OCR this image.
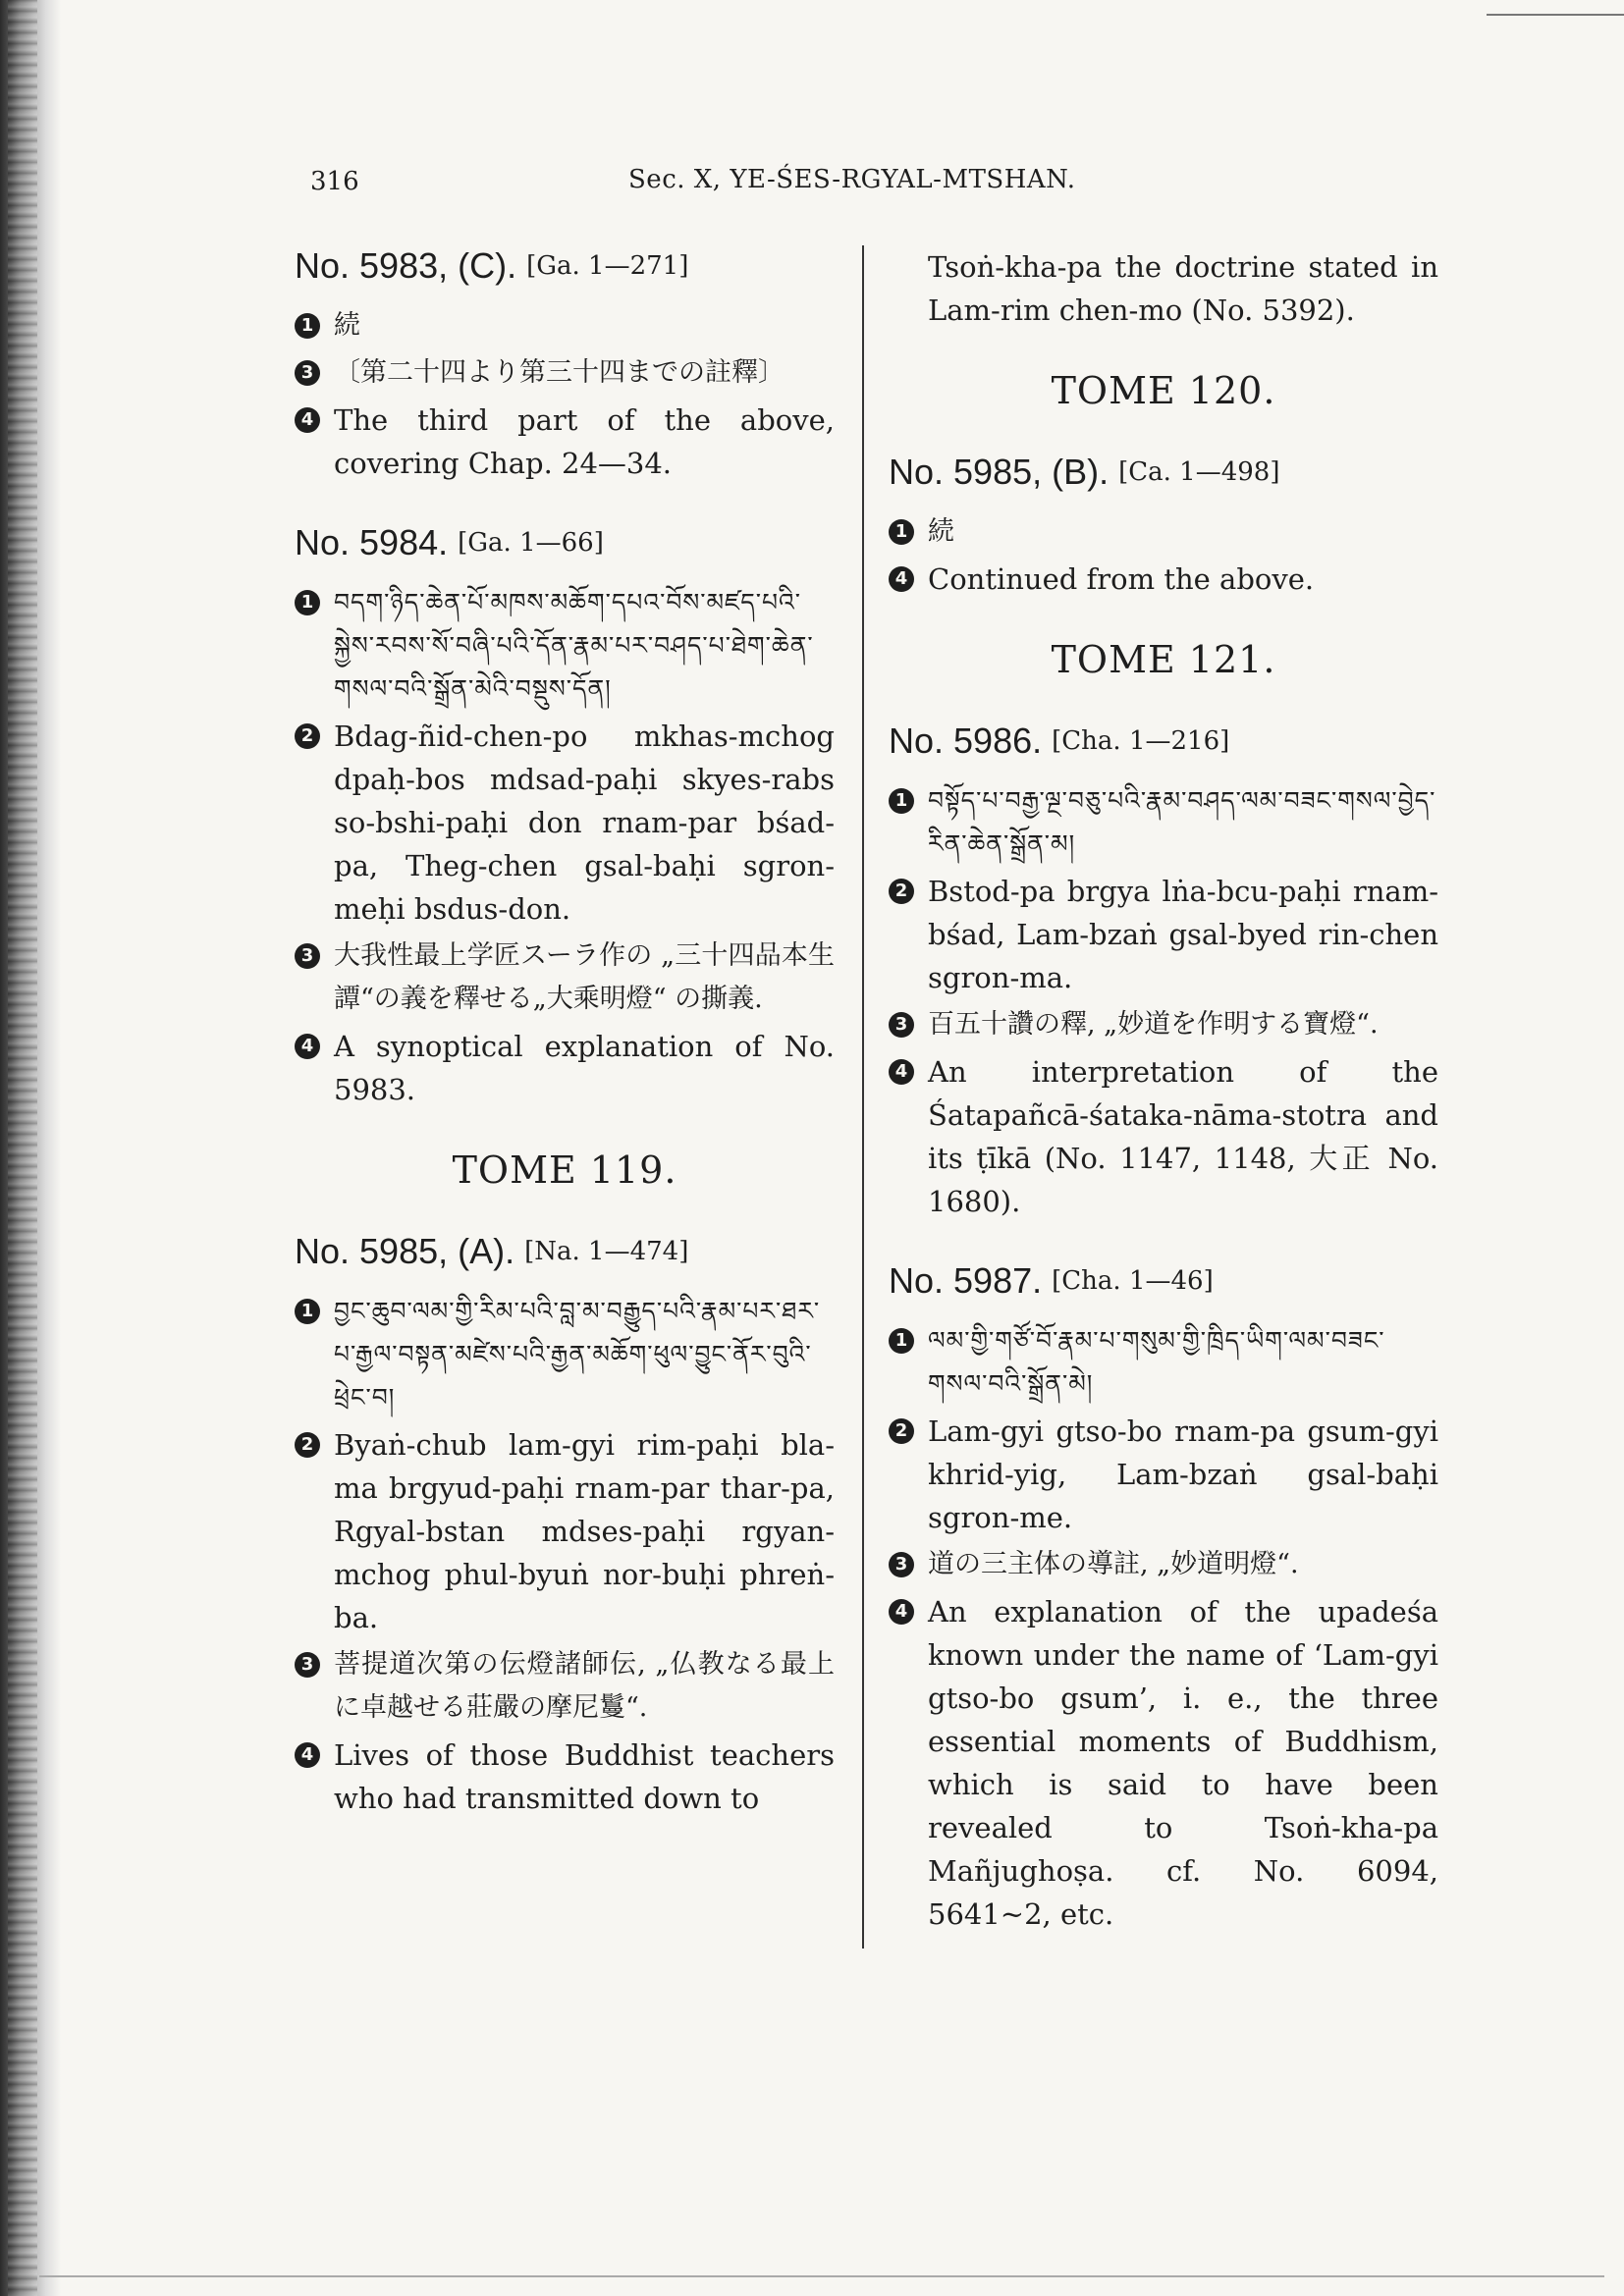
316	Sec. X, YE-ŚES-RGYAL-MTSHAN.
No. 5983, (C). [Ga. 1—271]
1 続
3 〔第二十四より第三十四までの註釋〕
4 The third part of the above, covering Chap. 24—34.
No. 5984. [Ga. 1—66]
1 བདག་ཉིད་ཆེན་པོ་མཁས་མཆོག་དཔའ་བོས་མཛད་པའི་སྐྱེས་རབས་སོ་བཞི་པའི་དོན་རྣམ་པར་བཤད་པ་ཐེག་ཆེན་གསལ་བའི་སྒྲོན་མེའི་བསྡུས་དོན།
2 Bdag-ñid-chen-po mkhas-mchog dpaḥ-bos mdsad-paḥi skyes-rabs so-bshi-paḥi don rnam-par bśad-pa, Theg-chen gsal-baḥi sgron-meḥi bsdus-don.
3 大我性最上学匠スーラ作の „三十四品本生譚“の義を釋せる„大乘明燈“ の撕義.
4 A synoptical explanation of No. 5983.
TOME 119.
No. 5985, (A). [Na. 1—474]
1 བྱང་ཆུབ་ལམ་གྱི་རིམ་པའི་བླ་མ་བརྒྱུད་པའི་རྣམ་པར་ཐར་པ་རྒྱལ་བསྟན་མཛེས་པའི་རྒྱན་མཆོག་ཕུལ་བྱུང་ནོར་བུའི་ཕྲེང་བ།
2 Byaṅ-chub lam-gyi rim-paḥi bla-ma brgyud-paḥi rnam-par thar-pa, Rgyal-bstan mdses-paḥi rgyan-mchog phul-byuṅ nor-buḥi phreṅ-ba.
3 菩提道次第の伝燈諸師伝, „仏教なる最上に卓越せる莊嚴の摩尼鬘“.
4 Lives of those Buddhist teachers who had transmitted down to
Tsoṅ-kha-pa the doctrine stated in Lam-rim chen-mo (No. 5392).
TOME 120.
No. 5985, (B). [Ca. 1—498]
1 続
4 Continued from the above.
TOME 121.
No. 5986. [Cha. 1—216]
1 བསྟོད་པ་བརྒྱ་ལྔ་བཅུ་པའི་རྣམ་བཤད་ལམ་བཟང་གསལ་བྱེད་རིན་ཆེན་སྒྲོན་མ།
2 Bstod-pa brgya lṅa-bcu-paḥi rnam-bśad, Lam-bzaṅ gsal-byed rin-chen sgron-ma.
3 百五十讚の釋, „妙道を作明する寶燈“.
4 An interpretation of the Śatapañcā-śataka-nāma-stotra and its ṭīkā (No. 1147, 1148, 大正 No. 1680).
No. 5987. [Cha. 1—46]
1 ལམ་གྱི་གཙོ་བོ་རྣམ་པ་གསུམ་གྱི་ཁྲིད་ཡིག་ལམ་བཟང་གསལ་བའི་སྒྲོན་མེ།
2 Lam-gyi gtso-bo rnam-pa gsum-gyi khrid-yig, Lam-bzaṅ gsal-baḥi sgron-me.
3 道の三主体の導註, „妙道明燈“.
4 An explanation of the upadeśa known under the name of ‘Lam-gyi gtso-bo gsum’, i. e., the three essential moments of Buddhism, which is said to have been revealed to Tsoṅ-kha-pa Mañjughoṣa. cf. No. 6094, 5641~2, etc.
